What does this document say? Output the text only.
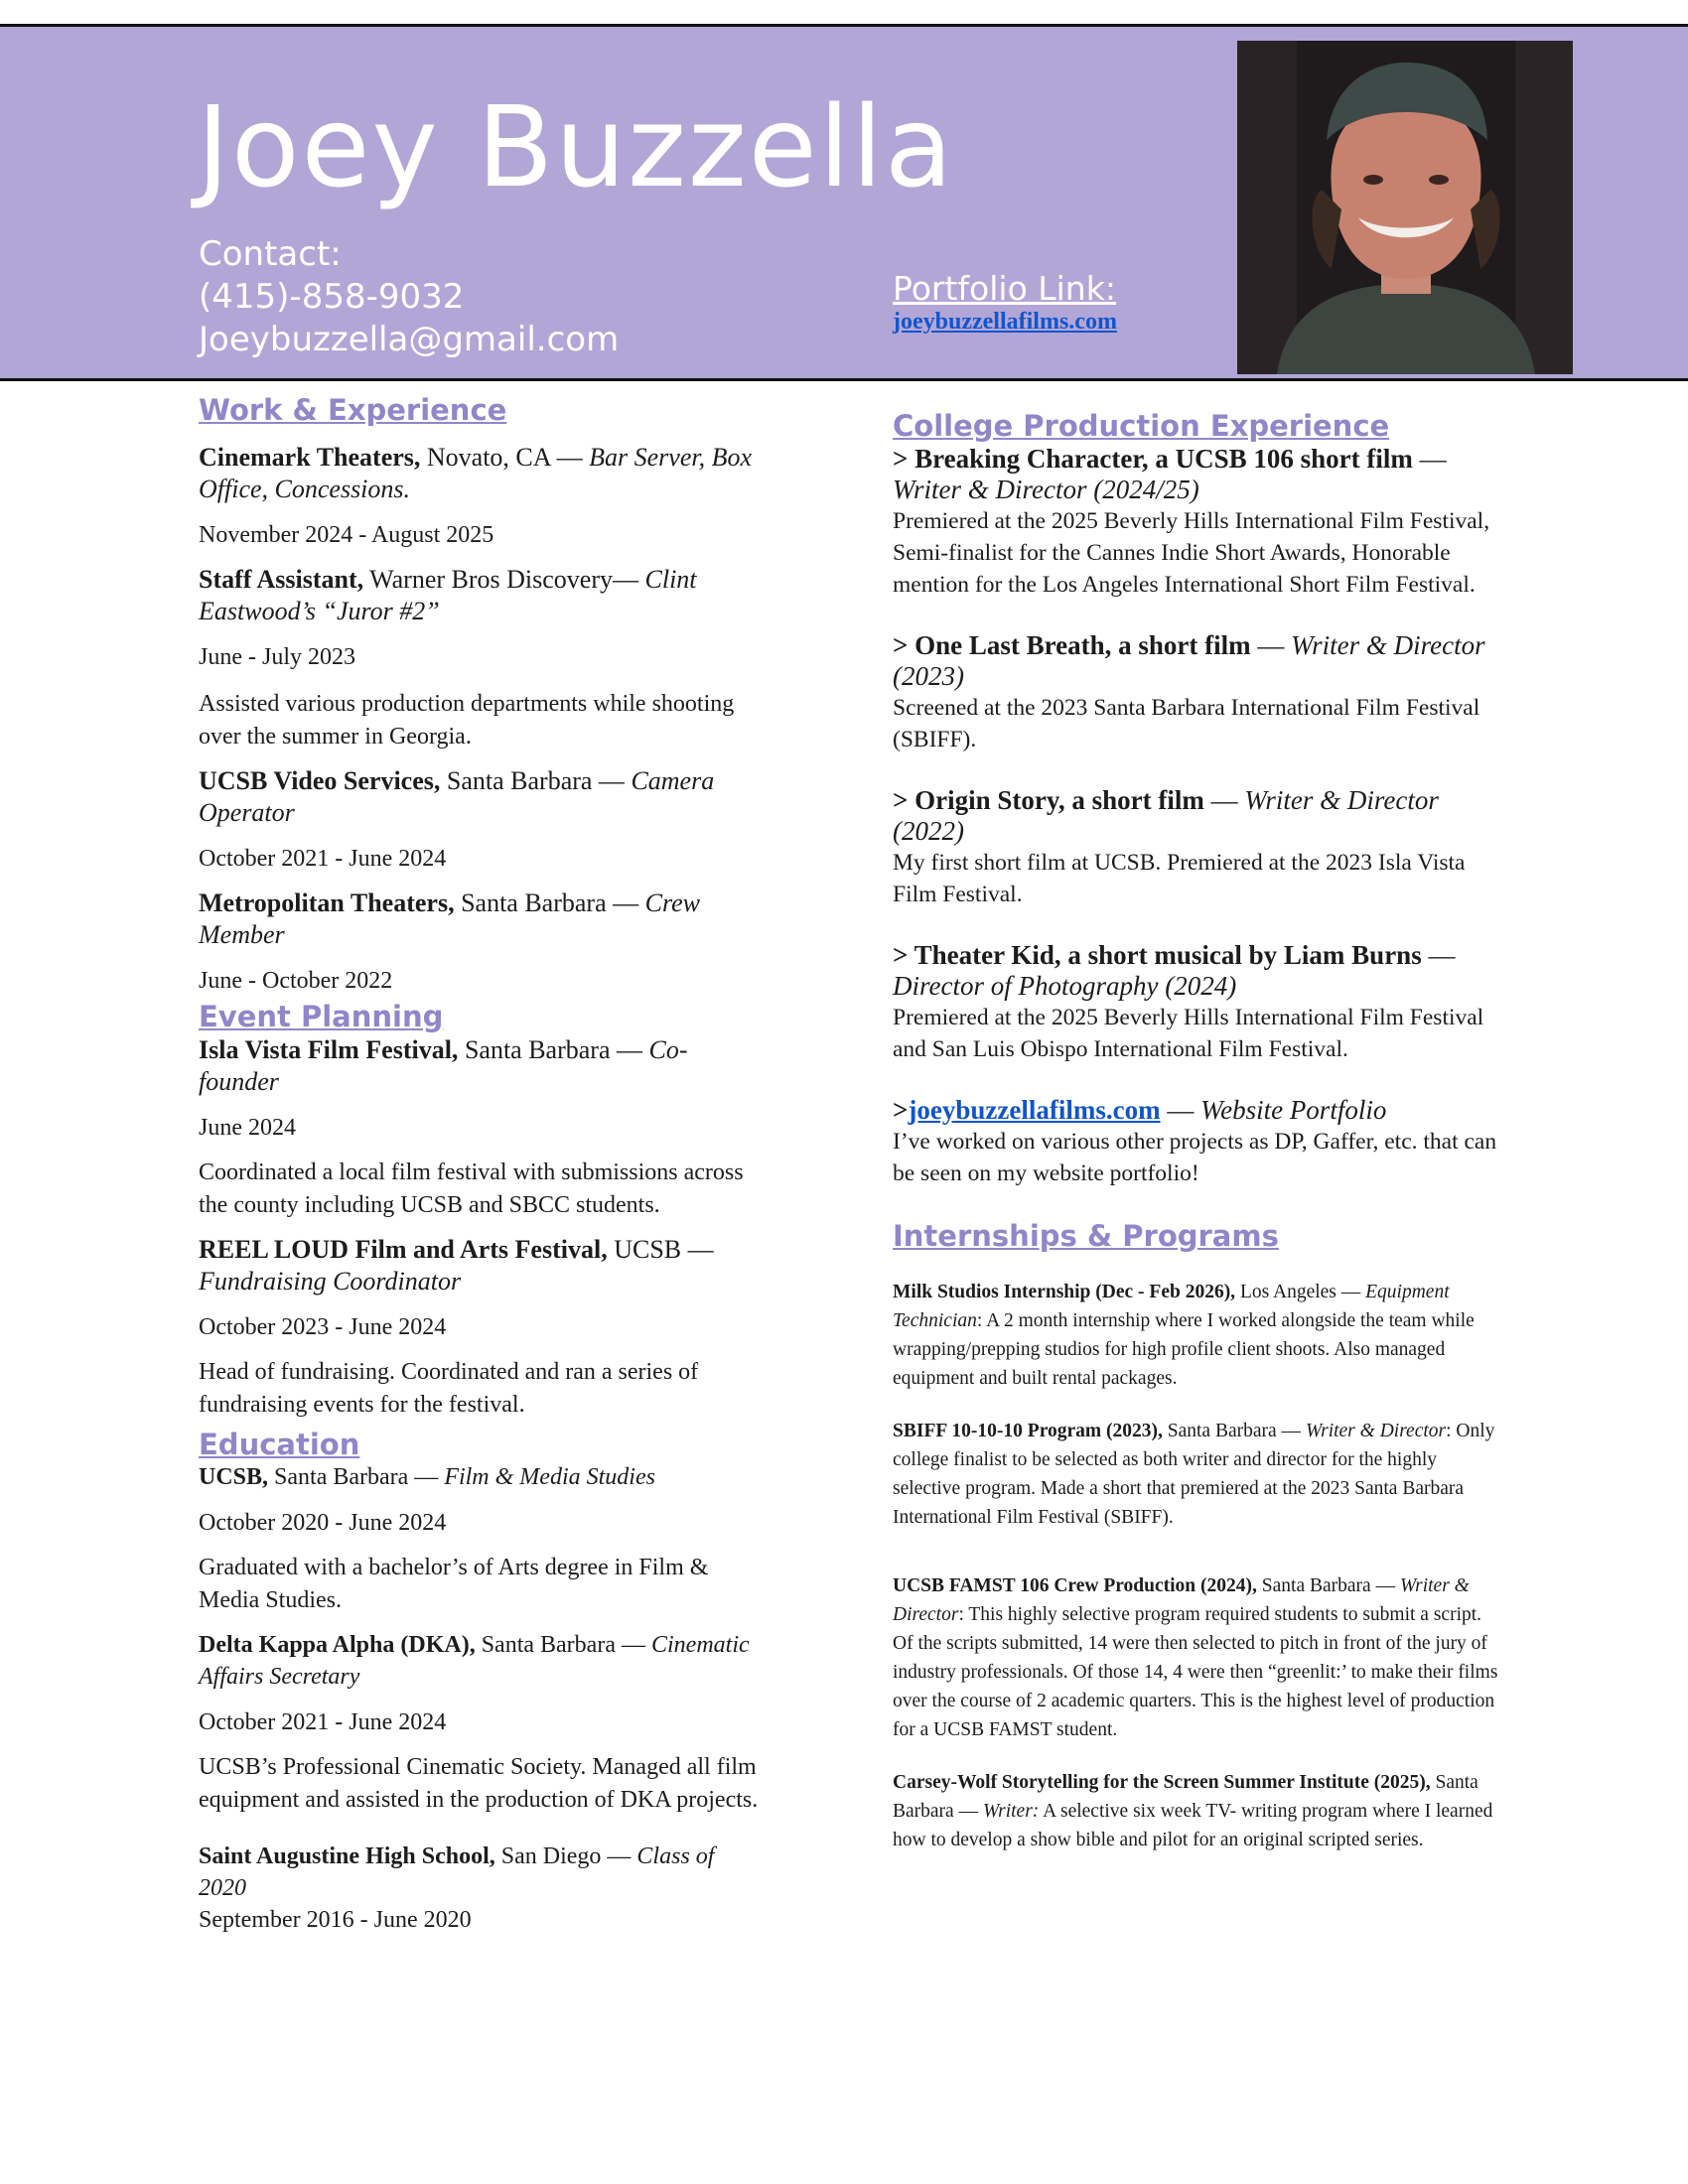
Joey Buzzella
Contact:
(415)-858-9032
Joeybuzzella@gmail.com
Portfolio Link:
joeybuzzellafilms.com
Work & Experience

Cinemark Theaters, Novato, CA — Bar Server, Box Office, Concessions.

November 2024 - August 2025

Staff Assistant, Warner Bros Discovery— Clint Eastwood’s “Juror #2”

June - July 2023

Assisted various production departments while shooting over the summer in Georgia.

UCSB Video Services, Santa Barbara — Camera Operator

October 2021 - June 2024

Metropolitan Theaters, Santa Barbara — Crew Member

June - October 2022

Event Planning

Isla Vista Film Festival, Santa Barbara — Co-founder

June 2024

Coordinated a local film festival with submissions across the county including UCSB and SBCC students.

REEL LOUD Film and Arts Festival, UCSB — Fundraising Coordinator

October 2023 - June 2024

Head of fundraising. Coordinated and ran a series of fundraising events for the festival.

Education

UCSB, Santa Barbara — Film & Media Studies

October 2020 - June 2024

Graduated with a bachelor’s of Arts degree in Film & Media Studies.

Delta Kappa Alpha (DKA), Santa Barbara — Cinematic Affairs Secretary

October 2021 - June 2024

UCSB’s Professional Cinematic Society. Managed all film equipment and assisted in the production of DKA projects.

Saint Augustine High School, San Diego — Class of 2020

September 2016 - June 2020

College Production Experience

> Breaking Character, a UCSB 106 short film — Writer & Director (2024/25)

Premiered at the 2025 Beverly Hills International Film Festival, Semi-finalist for the Cannes Indie Short Awards, Honorable mention for the Los Angeles International Short Film Festival.

> One Last Breath, a short film — Writer & Director (2023)

Screened at the 2023 Santa Barbara International Film Festival (SBIFF).

> Origin Story, a short film — Writer & Director (2022)

My first short film at UCSB. Premiered at the 2023 Isla Vista Film Festival.

> Theater Kid, a short musical by Liam Burns — Director of Photography (2024)

Premiered at the 2025 Beverly Hills International Film Festival and San Luis Obispo International Film Festival.

>joeybuzzellafilms.com — Website Portfolio

I’ve worked on various other projects as DP, Gaffer, etc. that can be seen on my website portfolio!

Internships & Programs

Milk Studios Internship (Dec - Feb 2026), Los Angeles — Equipment Technician: A 2 month internship where I worked alongside the team while wrapping/prepping studios for high profile client shoots. Also managed equipment and built rental packages.

SBIFF 10-10-10 Program (2023), Santa Barbara — Writer & Director: Only college finalist to be selected as both writer and director for the highly selective program. Made a short that premiered at the 2023 Santa Barbara International Film Festival (SBIFF).

UCSB FAMST 106 Crew Production (2024), Santa Barbara — Writer & Director: This highly selective program required students to submit a script. Of the scripts submitted, 14 were then selected to pitch in front of the jury of industry professionals. Of those 14, 4 were then “greenlit:’ to make their films over the course of 2 academic quarters. This is the highest level of production for a UCSB FAMST student.

Carsey-Wolf Storytelling for the Screen Summer Institute (2025), Santa Barbara — Writer: A selective six week TV- writing program where I learned how to develop a show bible and pilot for an original scripted series.
